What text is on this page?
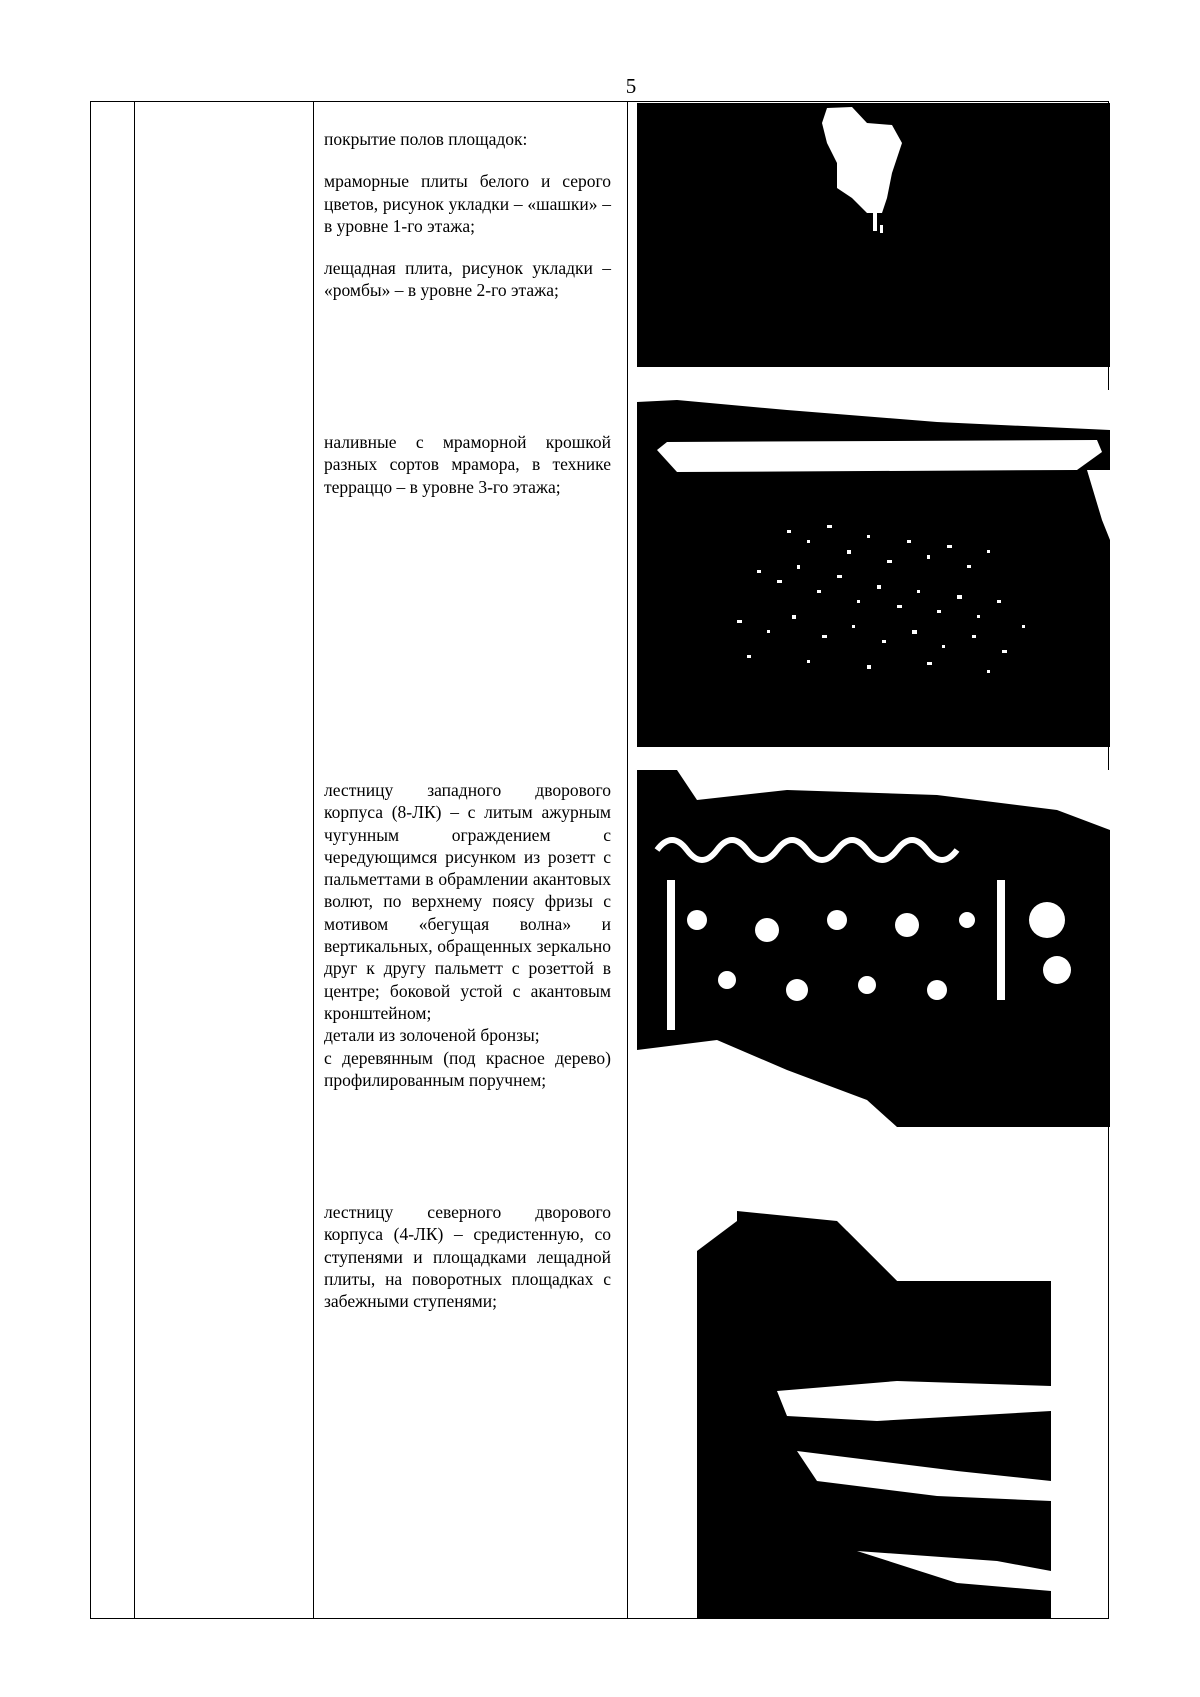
5

покрытие полов площадок:

мраморные плиты белого и серого цветов, рисунок укладки – «шашки» – в уровне 1-го этажа;

лещадная плита, рисунок укладки – «ромбы» – в уровне 2-го этажа;

наливные с мраморной крошкой разных сортов мрамора, в технике терраццо – в уровне 3-го этажа;

лестницу западного дворового корпуса (8-ЛК) – с литым ажурным чугунным ограждением с чередующимся рисунком из розетт с пальметтами в обрамлении акантовых волют, по верхнему поясу фризы с мотивом «бегущая волна» и вертикальных, обращенных зеркально друг к другу пальметт с розеттой в центре; боковой устой с акантовым кронштейном;

детали из золоченой бронзы;

с деревянным (под красное дерево) профилированным поручнем;

лестницу северного дворового корпуса (4-ЛК) – средистенную, со ступенями и площадками лещадной плиты, на поворотных площадках с забежными ступенями;
